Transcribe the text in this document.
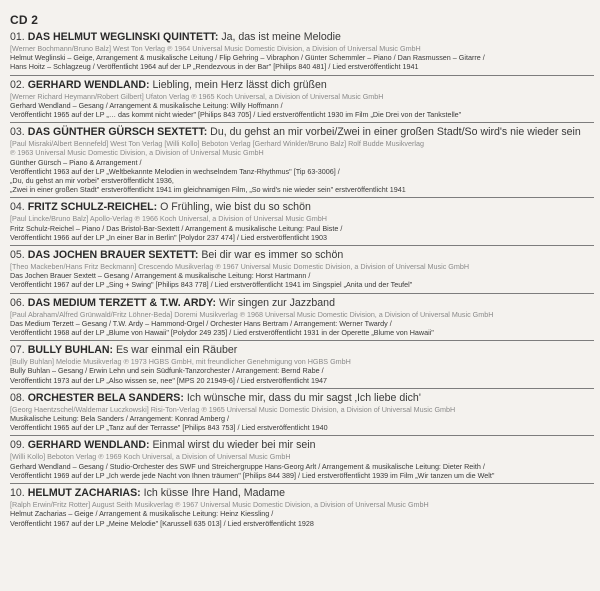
CD 2
01. DAS HELMUT WEGLINSKI QUINTETT: Ja, das ist meine Melodie
[Werner Bochmann/Bruno Balz] West Ton Verlag ℗ 1964 Universal Music Domestic Division, a Division of Universal Music GmbH
Helmut Weglinski – Geige, Arrangement & musikalische Leitung / Flip Gehring – Vibraphon / Günter Schemmler – Piano / Dan Rasmussen – Gitarre /
Hans Hoitz – Schlagzeug / Veröffentlicht 1964 auf der LP „Rendezvous in der Bar" [Philips 840 481] / Lied erstveröffentlicht 1941
02. GERHARD WENDLAND: Liebling, mein Herz lässt dich grüßen
[Werner Richard Heymann/Robert Gilbert] Ufaton Verlag ℗ 1965 Koch Universal, a Division of Universal Music GmbH
Gerhard Wendland – Gesang / Arrangement & musikalische Leitung: Willy Hoffmann /
Veröffentlicht 1965 auf der LP „… das kommt nicht wieder" [Philips 843 705] / Lied erstveröffentlicht 1930 im Film „Die Drei von der Tankstelle"
03. DAS GÜNTHER GÜRSCH SEXTETT: Du, du gehst an mir vorbei/Zwei in einer großen Stadt/So wird's nie wieder sein
[Paul Misraki/Albert Bennefeld] West Ton Verlag [Willi Kollo] Beboton Verlag [Gerhard Winkler/Bruno Balz] Rolf Budde Musikverlag
℗ 1963 Universal Music Domestic Division, a Division of Universal Music GmbH
Günther Gürsch – Piano & Arrangement /
Veröffentlicht 1963 auf der LP „Weltbekannte Melodien in wechselndem Tanz-Rhythmus" [Tip 63-3006] /
„Du, du gehst an mir vorbei" erstveröffentlicht 1936,
„Zwei in einer großen Stadt" erstveröffentlicht 1941 im gleichnamigen Film, „So wird's nie wieder sein" erstveröffentlicht 1941
04. FRITZ SCHULZ-REICHEL: O Frühling, wie bist du so schön
[Paul Lincke/Bruno Balz] Apollo-Verlag ℗ 1966 Koch Universal, a Division of Universal Music GmbH
Fritz Schulz-Reichel – Piano / Das Bristol-Bar-Sextett / Arrangement & musikalische Leitung: Paul Biste /
Veröffentlicht 1966 auf der LP „In einer Bar in Berlin" [Polydor 237 474] / Lied erstveröffentlicht 1903
05. DAS JOCHEN BRAUER SEXTETT: Bei dir war es immer so schön
[Theo Mackeben/Hans Fritz Beckmann] Crescendo Musikverlag ℗ 1967 Universal Music Domestic Division, a Division of Universal Music GmbH
Das Jochen Brauer Sextett – Gesang / Arrangement & musikalische Leitung: Horst Hartmann /
Veröffentlicht 1967 auf der LP „Sing + Swing" [Philips 843 778] / Lied erstveröffentlicht 1941 im Singspiel „Anita und der Teufel"
06. DAS MEDIUM TERZETT & T.W. ARDY: Wir singen zur Jazzband
[Paul Abraham/Alfred Grünwald/Fritz Löhner-Beda] Doremi Musikverlag ℗ 1968 Universal Music Domestic Division, a Division of Universal Music GmbH
Das Medium Terzett – Gesang / T.W. Ardy – Hammond-Orgel / Orchester Hans Bertram / Arrangement: Werner Twardy /
Veröffentlicht 1968 auf der LP „Blume von Hawaii" [Polydor 249 235] / Lied erstveröffentlicht 1931 in der Operette „Blume von Hawaii"
07. BULLY BUHLAN: Es war einmal ein Räuber
[Bully Buhlan] Melodie Musikverlag ℗ 1973 HGBS GmbH, mit freundlicher Genehmigung von HGBS GmbH
Bully Buhlan – Gesang / Erwin Lehn und sein Südfunk-Tanzorchester / Arrangement: Bernd Rabe /
Veröffentlicht 1973 auf der LP „Also wissen se, nee" [MPS 20 21949-6] / Lied erstveröffentlicht 1947
08. ORCHESTER BELA SANDERS: Ich wünsche mir, dass du mir sagst ‚Ich liebe dich'
[Georg Haentzschel/Waldemar Luczkowski] Risi-Ton-Verlag ℗ 1965 Universal Music Domestic Division, a Division of Universal Music GmbH
Musikalische Leitung: Bela Sanders / Arrangement: Konrad Amberg /
Veröffentlicht 1965 auf der LP „Tanz auf der Terrasse" [Philips 843 753] / Lied erstveröffentlicht 1940
09. GERHARD WENDLAND: Einmal wirst du wieder bei mir sein
[Willi Kollo] Beboton Verlag ℗ 1969 Koch Universal, a Division of Universal Music GmbH
Gerhard Wendland – Gesang / Studio-Orchester des SWF und Streichergruppe Hans-Georg Arlt / Arrangement & musikalische Leitung: Dieter Reith /
Veröffentlicht 1969 auf der LP „Ich werde jede Nacht von Ihnen träumen" [Philips 844 389] / Lied erstveröffentlicht 1939 im Film „Wir tanzen um die Welt"
10. HELMUT ZACHARIAS: Ich küsse Ihre Hand, Madame
[Ralph Erwin/Fritz Rotter] August Seith Musikverlag ℗ 1967 Universal Music Domestic Division, a Division of Universal Music GmbH
Helmut Zacharias – Geige / Arrangement & musikalische Leitung: Heinz Kiessling /
Veröffentlicht 1967 auf der LP „Meine Melodie" [Karussell 635 013] / Lied erstveröffentlicht 1928
